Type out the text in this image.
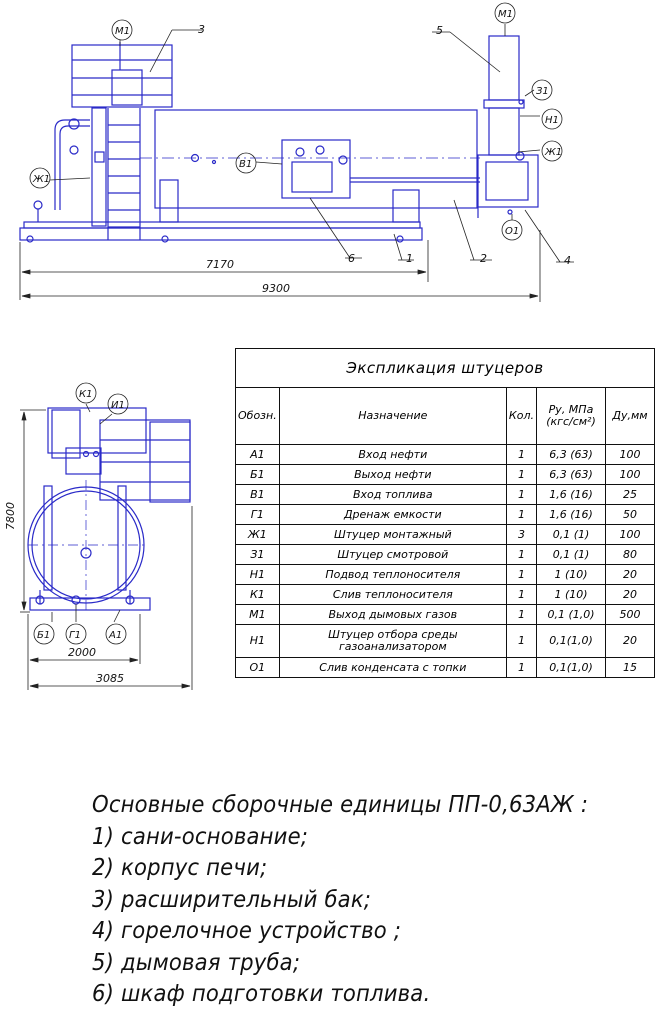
3	5
6	1	2	4
М1
М1
З1
Н1
Ж1
Ж1
В1
О1
7170
9300
К1
И1
Б1 Г1	А1
7800
2000
3085
Экспликация штуцеров				
Обозн.	Назначение	Кол.	Ру, МПа
(кгс/см²)	Ду,мм
А1	Вход нефти	1	6,3 (63)	100
Б1	Выход нефти	1	6,3 (63)	100
В1	Вход топлива	1	1,6 (16)	25
Г1	Дренаж емкости	1	1,6 (16)	50
Ж1	Штуцер монтажный	3	0,1 (1)	100
З1	Штуцер смотровой	1	0,1 (1)	80
Н1	Подвод теплоносителя	1	1 (10)	20
К1	Слив теплоносителя	1	1 (10)	20
М1	Выход дымовых газов	1	0,1 (1,0)	500
Н1	Штуцер отбора среды газоанализатором	1	0,1(1,0)	20
О1	Слив конденсата с топки	1	0,1(1,0)	15
Основные сборочные единицы ПП-0,63АЖ :
1) сани-основание;
2) корпус печи;
3) расширительный бак;
4) горелочное устройство ;
5) дымовая труба;
6) шкаф подготовки топлива.
